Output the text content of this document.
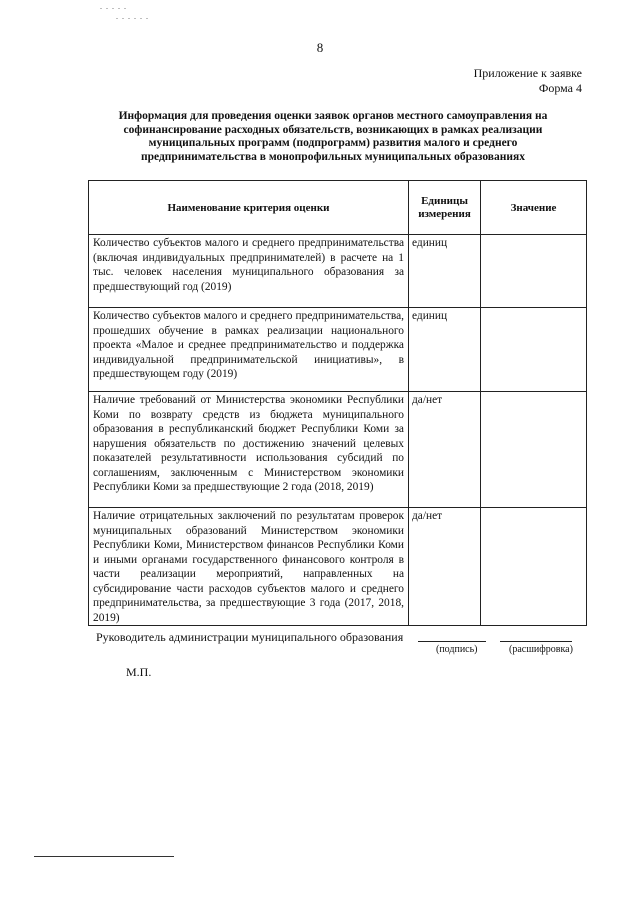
. . . . .
. . . . . .
8
Приложение к заявке
Форма 4
Информация для проведения оценки заявок органов местного самоуправления на софинансирование расходных обязательств, возникающих в рамках реализации муниципальных программ (подпрограмм) развития малого и среднего предпринимательства в монопрофильных муниципальных образованиях
Наименование критерия оценки	Единицы измерения	Значение

Количество субъектов малого и среднего предпринимательства (включая индивидуальных предпринимателей) в расчете на 1 тыс. человек населения муниципального образования за предшествующий год (2019)	единиц	

Количество субъектов малого и среднего предпринимательства, прошедших обучение в рамках реализации национального проекта «Малое и среднее предпринимательство и поддержка индивидуальной предпринимательской инициативы», в предшествующем году (2019)	единиц	

Наличие требований от Министерства экономики Республики Коми по возврату средств из бюджета муниципального образования в республиканский бюджет Республики Коми за нарушения обязательств по достижению значений целевых показателей результативности использования субсидий по соглашениям, заключенным с Министерством экономики Республики Коми за предшествующие 2 года (2018, 2019)	да/нет	

Наличие отрицательных заключений по результатам проверок муниципальных образований Министерством экономики Республики Коми, Министерством финансов Республики Коми и иными органами государственного финансового контроля в части реализации мероприятий, направленных на субсидирование части расходов субъектов малого и среднего предпринимательства, за предшествующие 3 года (2017, 2018, 2019)	да/нет	

Руководитель администрации муниципального образования
(подпись)	(расшифровка)
М.П.
